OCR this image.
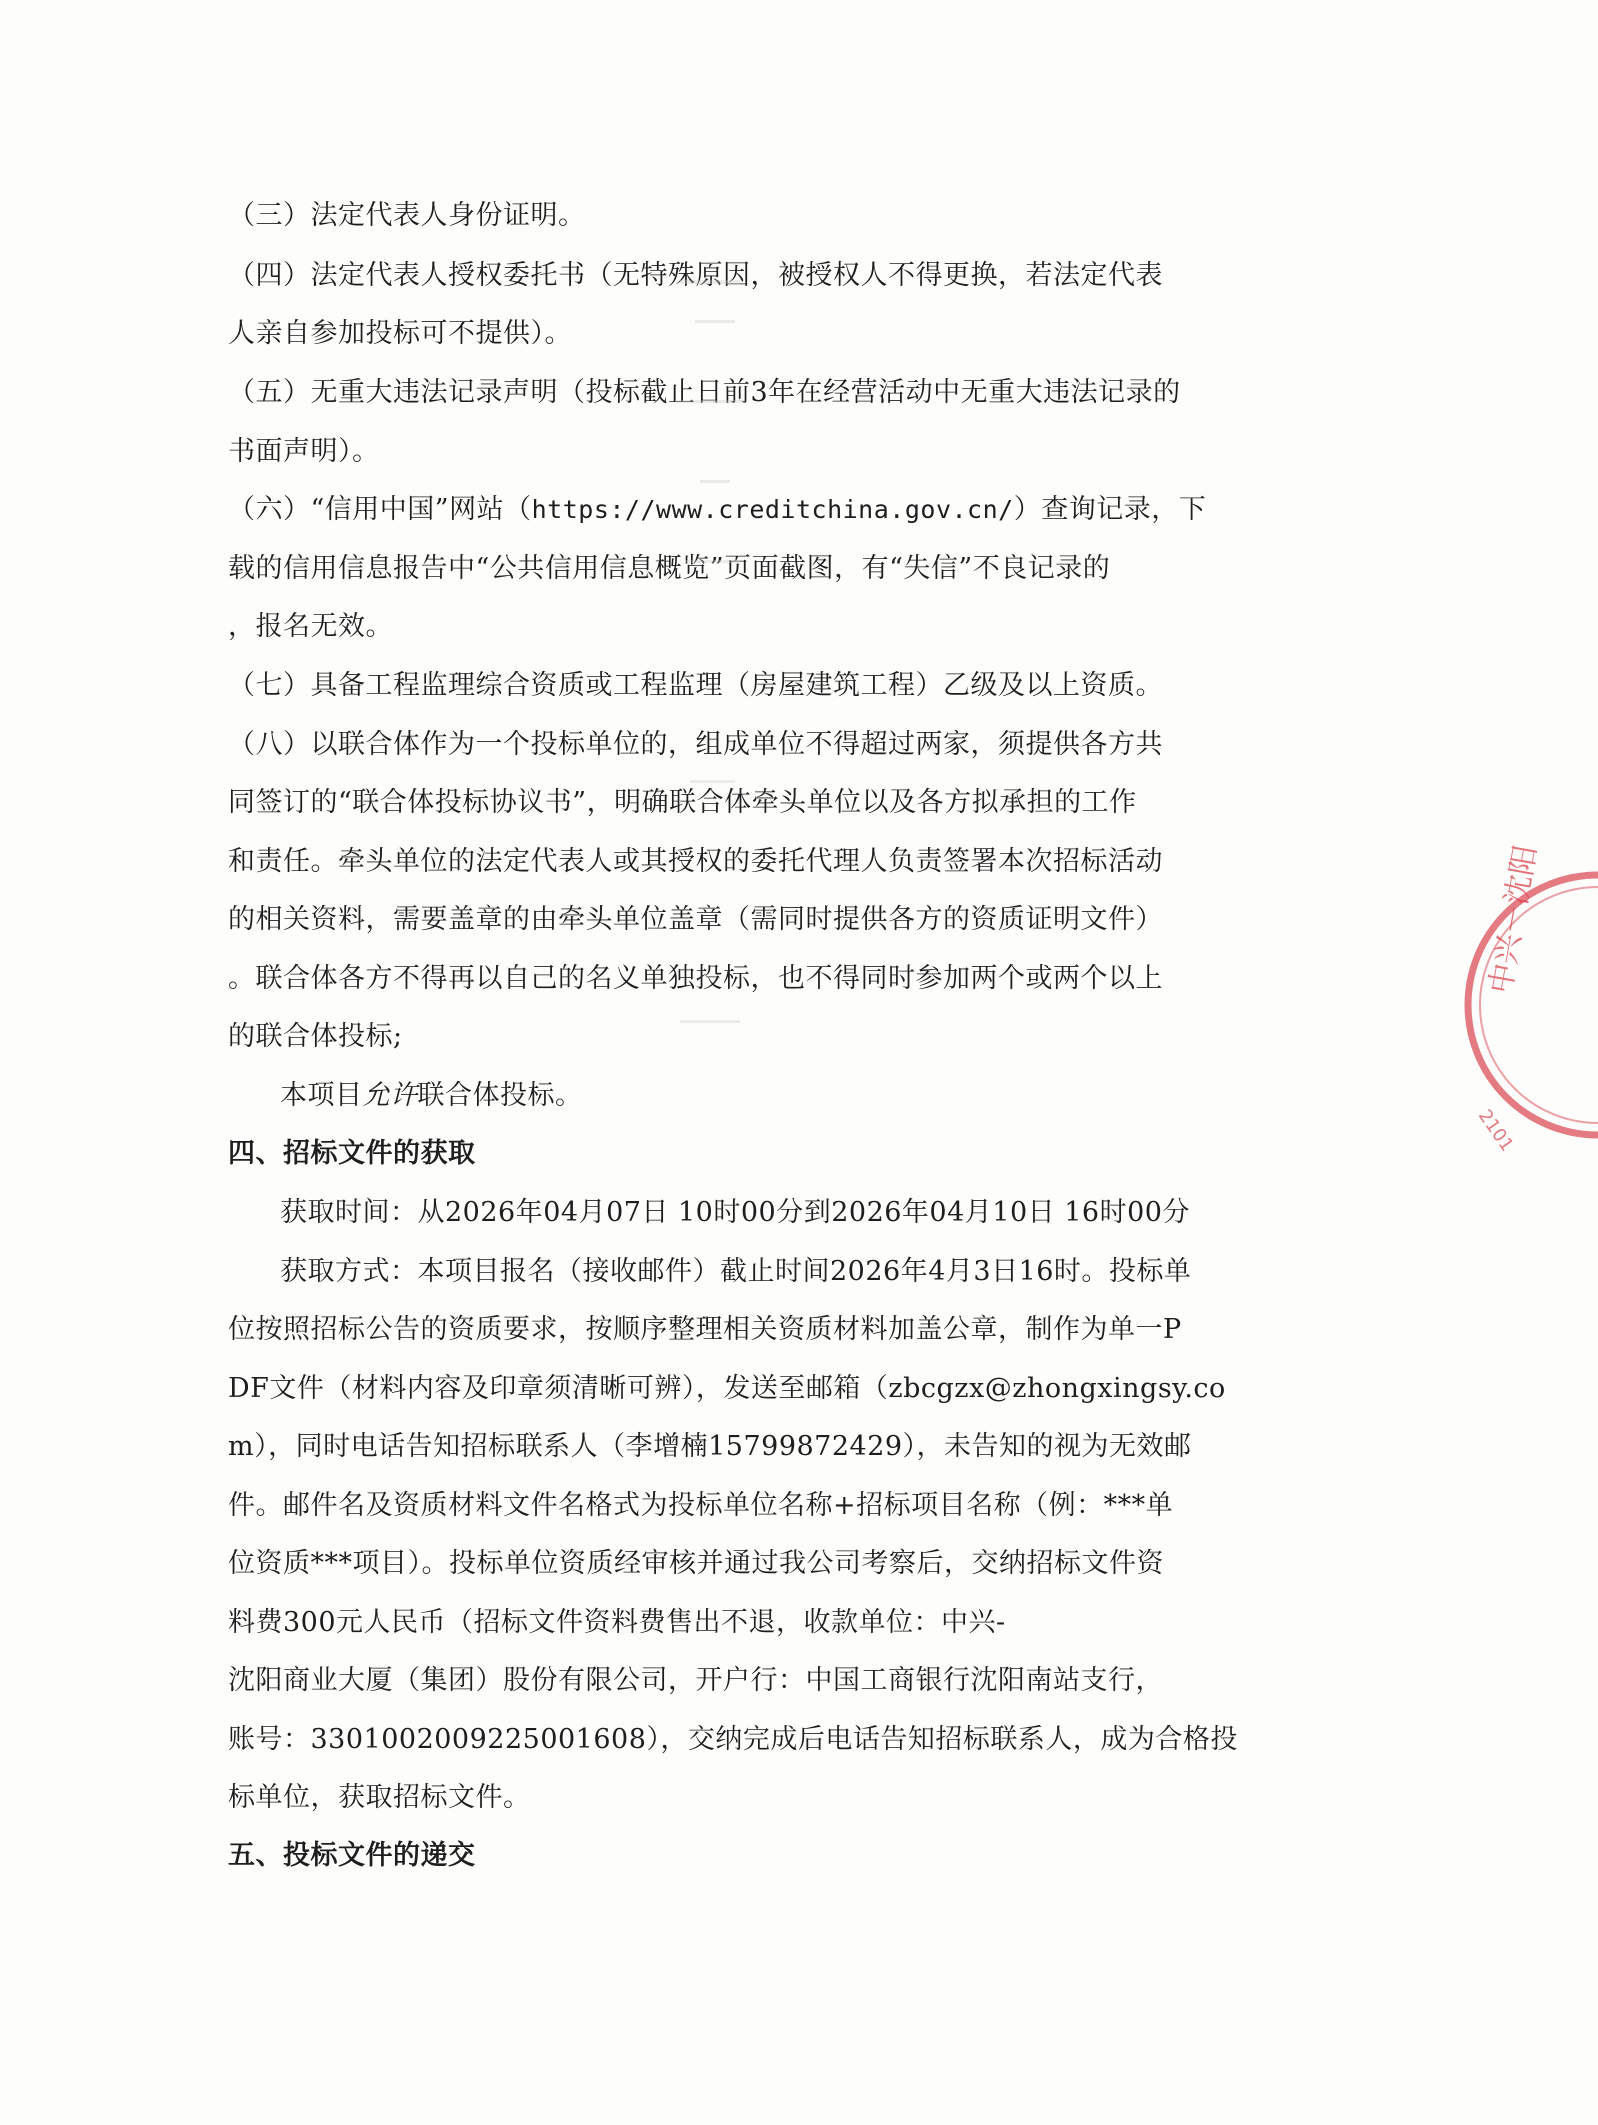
（三）法定代表人身份证明。
（四）法定代表人授权委托书（无特殊原因，被授权人不得更换，若法定代表
人亲自参加投标可不提供）。
（五）无重大违法记录声明（投标截止日前3年在经营活动中无重大违法记录的
书面声明）。
（六）“信用中国”网站（https://www.creditchina.gov.cn/）查询记录，下
载的信用信息报告中“公共信用信息概览”页面截图，有“失信”不良记录的
，报名无效。
（七）具备工程监理综合资质或工程监理（房屋建筑工程）乙级及以上资质。
（八）以联合体作为一个投标单位的，组成单位不得超过两家，须提供各方共
同签订的“联合体投标协议书”，明确联合体牵头单位以及各方拟承担的工作
和责任。牵头单位的法定代表人或其授权的委托代理人负责签署本次招标活动
的相关资料，需要盖章的由牵头单位盖章（需同时提供各方的资质证明文件）
。联合体各方不得再以自己的名义单独投标，也不得同时参加两个或两个以上
的联合体投标;
本项目允许联合体投标。
四、招标文件的获取
获取时间：从2026年04月07日 10时00分到2026年04月10日 16时00分
获取方式：本项目报名（接收邮件）截止时间2026年4月3日16时。投标单
位按照招标公告的资质要求，按顺序整理相关资质材料加盖公章，制作为单一P
DF文件（材料内容及印章须清晰可辨），发送至邮箱（zbcgzx@zhongxingsy.co
m），同时电话告知招标联系人（李增楠15799872429），未告知的视为无效邮
件。邮件名及资质材料文件名格式为投标单位名称+招标项目名称（例：***单
位资质***项目）。投标单位资质经审核并通过我公司考察后，交纳招标文件资
料费300元人民币（招标文件资料费售出不退，收款单位：中兴-
沈阳商业大厦（集团）股份有限公司，开户行：中国工商银行沈阳南站支行，
账号：3301002009225001608），交纳完成后电话告知招标联系人，成为合格投
标单位，获取招标文件。
五、投标文件的递交
中兴－沈阳
2101
